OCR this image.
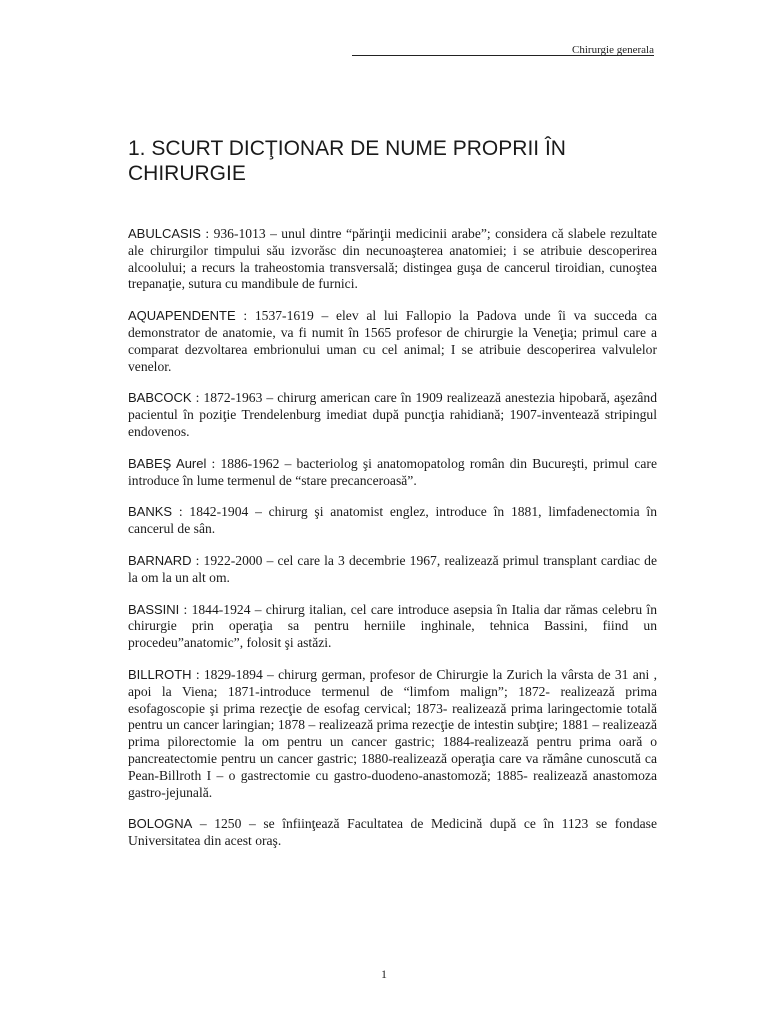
Chirurgie generala
1. SCURT DICŢIONAR DE NUME PROPRII ÎN CHIRURGIE

ABULCASIS : 936-1013 – unul dintre “părinţii medicinii arabe”; considera că slabele rezultate ale chirurgilor timpului său izvorăsc din necunoaşterea anatomiei; i se atribuie descoperirea alcoolului; a recurs la traheostomia transversală; distingea guşa de cancerul tiroidian, cunoştea trepanaţie, sutura cu mandibule de furnici.

AQUAPENDENTE : 1537-1619 – elev al lui Fallopio la Padova unde îi va succeda ca demonstrator de anatomie, va fi numit în 1565 profesor de chirurgie la Veneţia; primul care a comparat dezvoltarea embrionului uman cu cel animal; I se atribuie descoperirea valvulelor venelor.

BABCOCK : 1872-1963 – chirurg american care în 1909 realizează anestezia hipobară, aşezând pacientul în poziţie Trendelenburg imediat după puncţia rahidiană; 1907-inventează stripingul endovenos.

BABEŞ Aurel : 1886-1962 – bacteriolog şi anatomopatolog român din Bucureşti, primul care introduce în lume termenul de “stare precanceroasă”.

BANKS : 1842-1904 – chirurg şi anatomist englez, introduce în 1881, limfadenectomia în cancerul de sân.

BARNARD : 1922-2000 – cel care la 3 decembrie 1967, realizează primul transplant cardiac de la om la un alt om.

BASSINI : 1844-1924 – chirurg italian, cel care introduce asepsia în Italia dar rămas celebru în chirurgie prin operaţia sa pentru herniile inghinale, tehnica Bassini, fiind un procedeu”anatomic”, folosit şi astăzi.

BILLROTH : 1829-1894 – chirurg german, profesor de Chirurgie la Zurich la vârsta de 31 ani , apoi la Viena; 1871-introduce termenul de “limfom malign”; 1872- realizează prima esofagoscopie şi prima rezecţie de esofag cervical; 1873- realizează prima laringectomie totală pentru un cancer laringian; 1878 – realizează prima rezecţie de intestin subţire; 1881 – realizează prima pilorectomie la om pentru un cancer gastric; 1884-realizează pentru prima oară o pancreatectomie pentru un cancer gastric; 1880-realizează operaţia care va rămâne cunoscută ca Pean-Billroth I – o gastrectomie cu gastro-duodeno-anastomoză; 1885- realizează anastomoza gastro-jejunală.

BOLOGNA – 1250 – se înfiinţează Facultatea de Medicină după ce în 1123 se fondase Universitatea din acest oraş.

1
